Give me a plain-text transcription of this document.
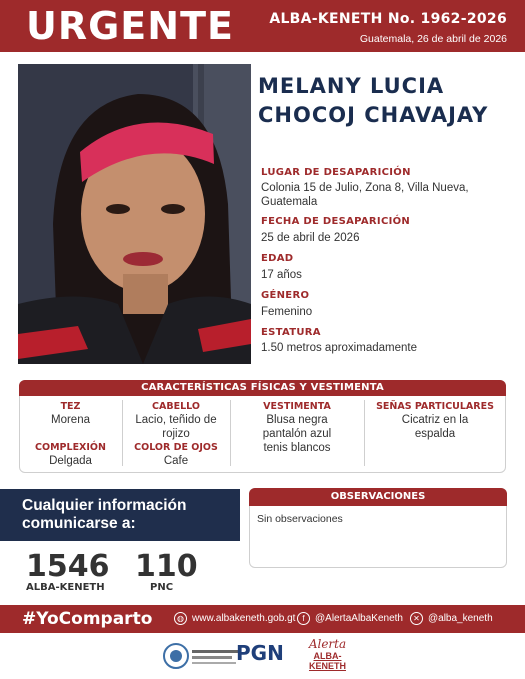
URGENTE	ALBA-KENETH No. 1962-2026
Guatemala, 26 de abril de 2026
MELANY LUCIA
CHOCOJ CHAVAJAY
LUGAR DE DESAPARICIÓN
Colonia 15 de Julio, Zona 8, Villa Nueva, Guatemala
FECHA DE DESAPARICIÓN
25 de abril de 2026
EDAD
17 años
GÉNERO
Femenino
ESTATURA
1.50 metros aproximadamente
CARACTERÍSTICAS FÍSICAS Y VESTIMENTA
TEZ
Morena
COMPLEXIÓN
Delgada
CABELLO
Lacio, teñido de rojizo
COLOR DE OJOS
Cafe
VESTIMENTA
Blusa negra
pantalón azul
tenis blancos
SEÑAS PARTICULARES
Cicatriz en la espalda
Cualquier información
comunicarse a:
1546
ALBA-KENETH
110
PNC
OBSERVACIONES
Sin observaciones
#YoComparto	◍ www.albakeneth.gob.gt f	@AlertaAlbaKeneth	✕ @alba_keneth
PGN	Alerta
ALBA-KENETH
